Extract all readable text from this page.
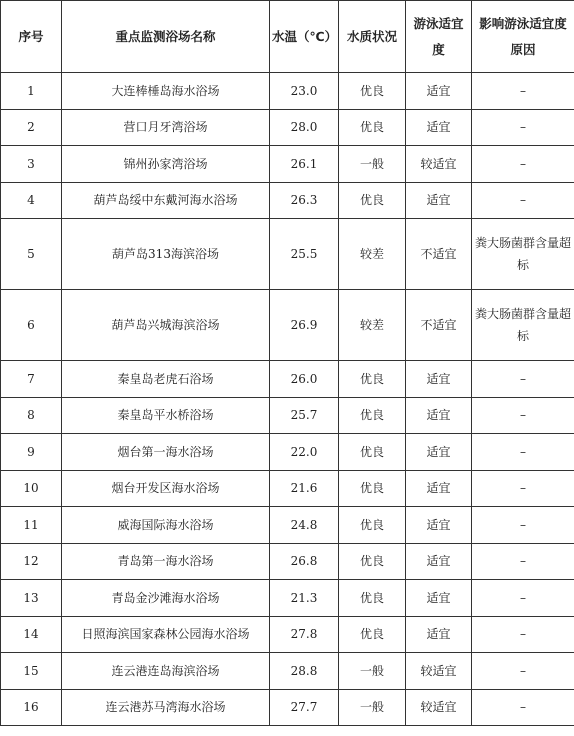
序号	重点监测浴场名称	水温（℃）	水质状况	游泳适宜度	影响游泳适宜度原因
1	大连棒棰岛海水浴场	23.0	优良	适宜	–
2	营口月牙湾浴场	28.0	优良	适宜	–
3	锦州孙家湾浴场	26.1	一般	较适宜	–
4	葫芦岛绥中东戴河海水浴场	26.3	优良	适宜	–
5	葫芦岛313海滨浴场	25.5	较差	不适宜	粪大肠菌群含量超标
6	葫芦岛兴城海滨浴场	26.9	较差	不适宜	粪大肠菌群含量超标
7	秦皇岛老虎石浴场	26.0	优良	适宜	–
8	秦皇岛平水桥浴场	25.7	优良	适宜	–
9	烟台第一海水浴场	22.0	优良	适宜	–
10	烟台开发区海水浴场	21.6	优良	适宜	–
11	威海国际海水浴场	24.8	优良	适宜	–
12	青岛第一海水浴场	26.8	优良	适宜	–
13	青岛金沙滩海水浴场	21.3	优良	适宜	–
14	日照海滨国家森林公园海水浴场	27.8	优良	适宜	–
15	连云港连岛海滨浴场	28.8	一般	较适宜	–
16	连云港苏马湾海水浴场	27.7	一般	较适宜	–
